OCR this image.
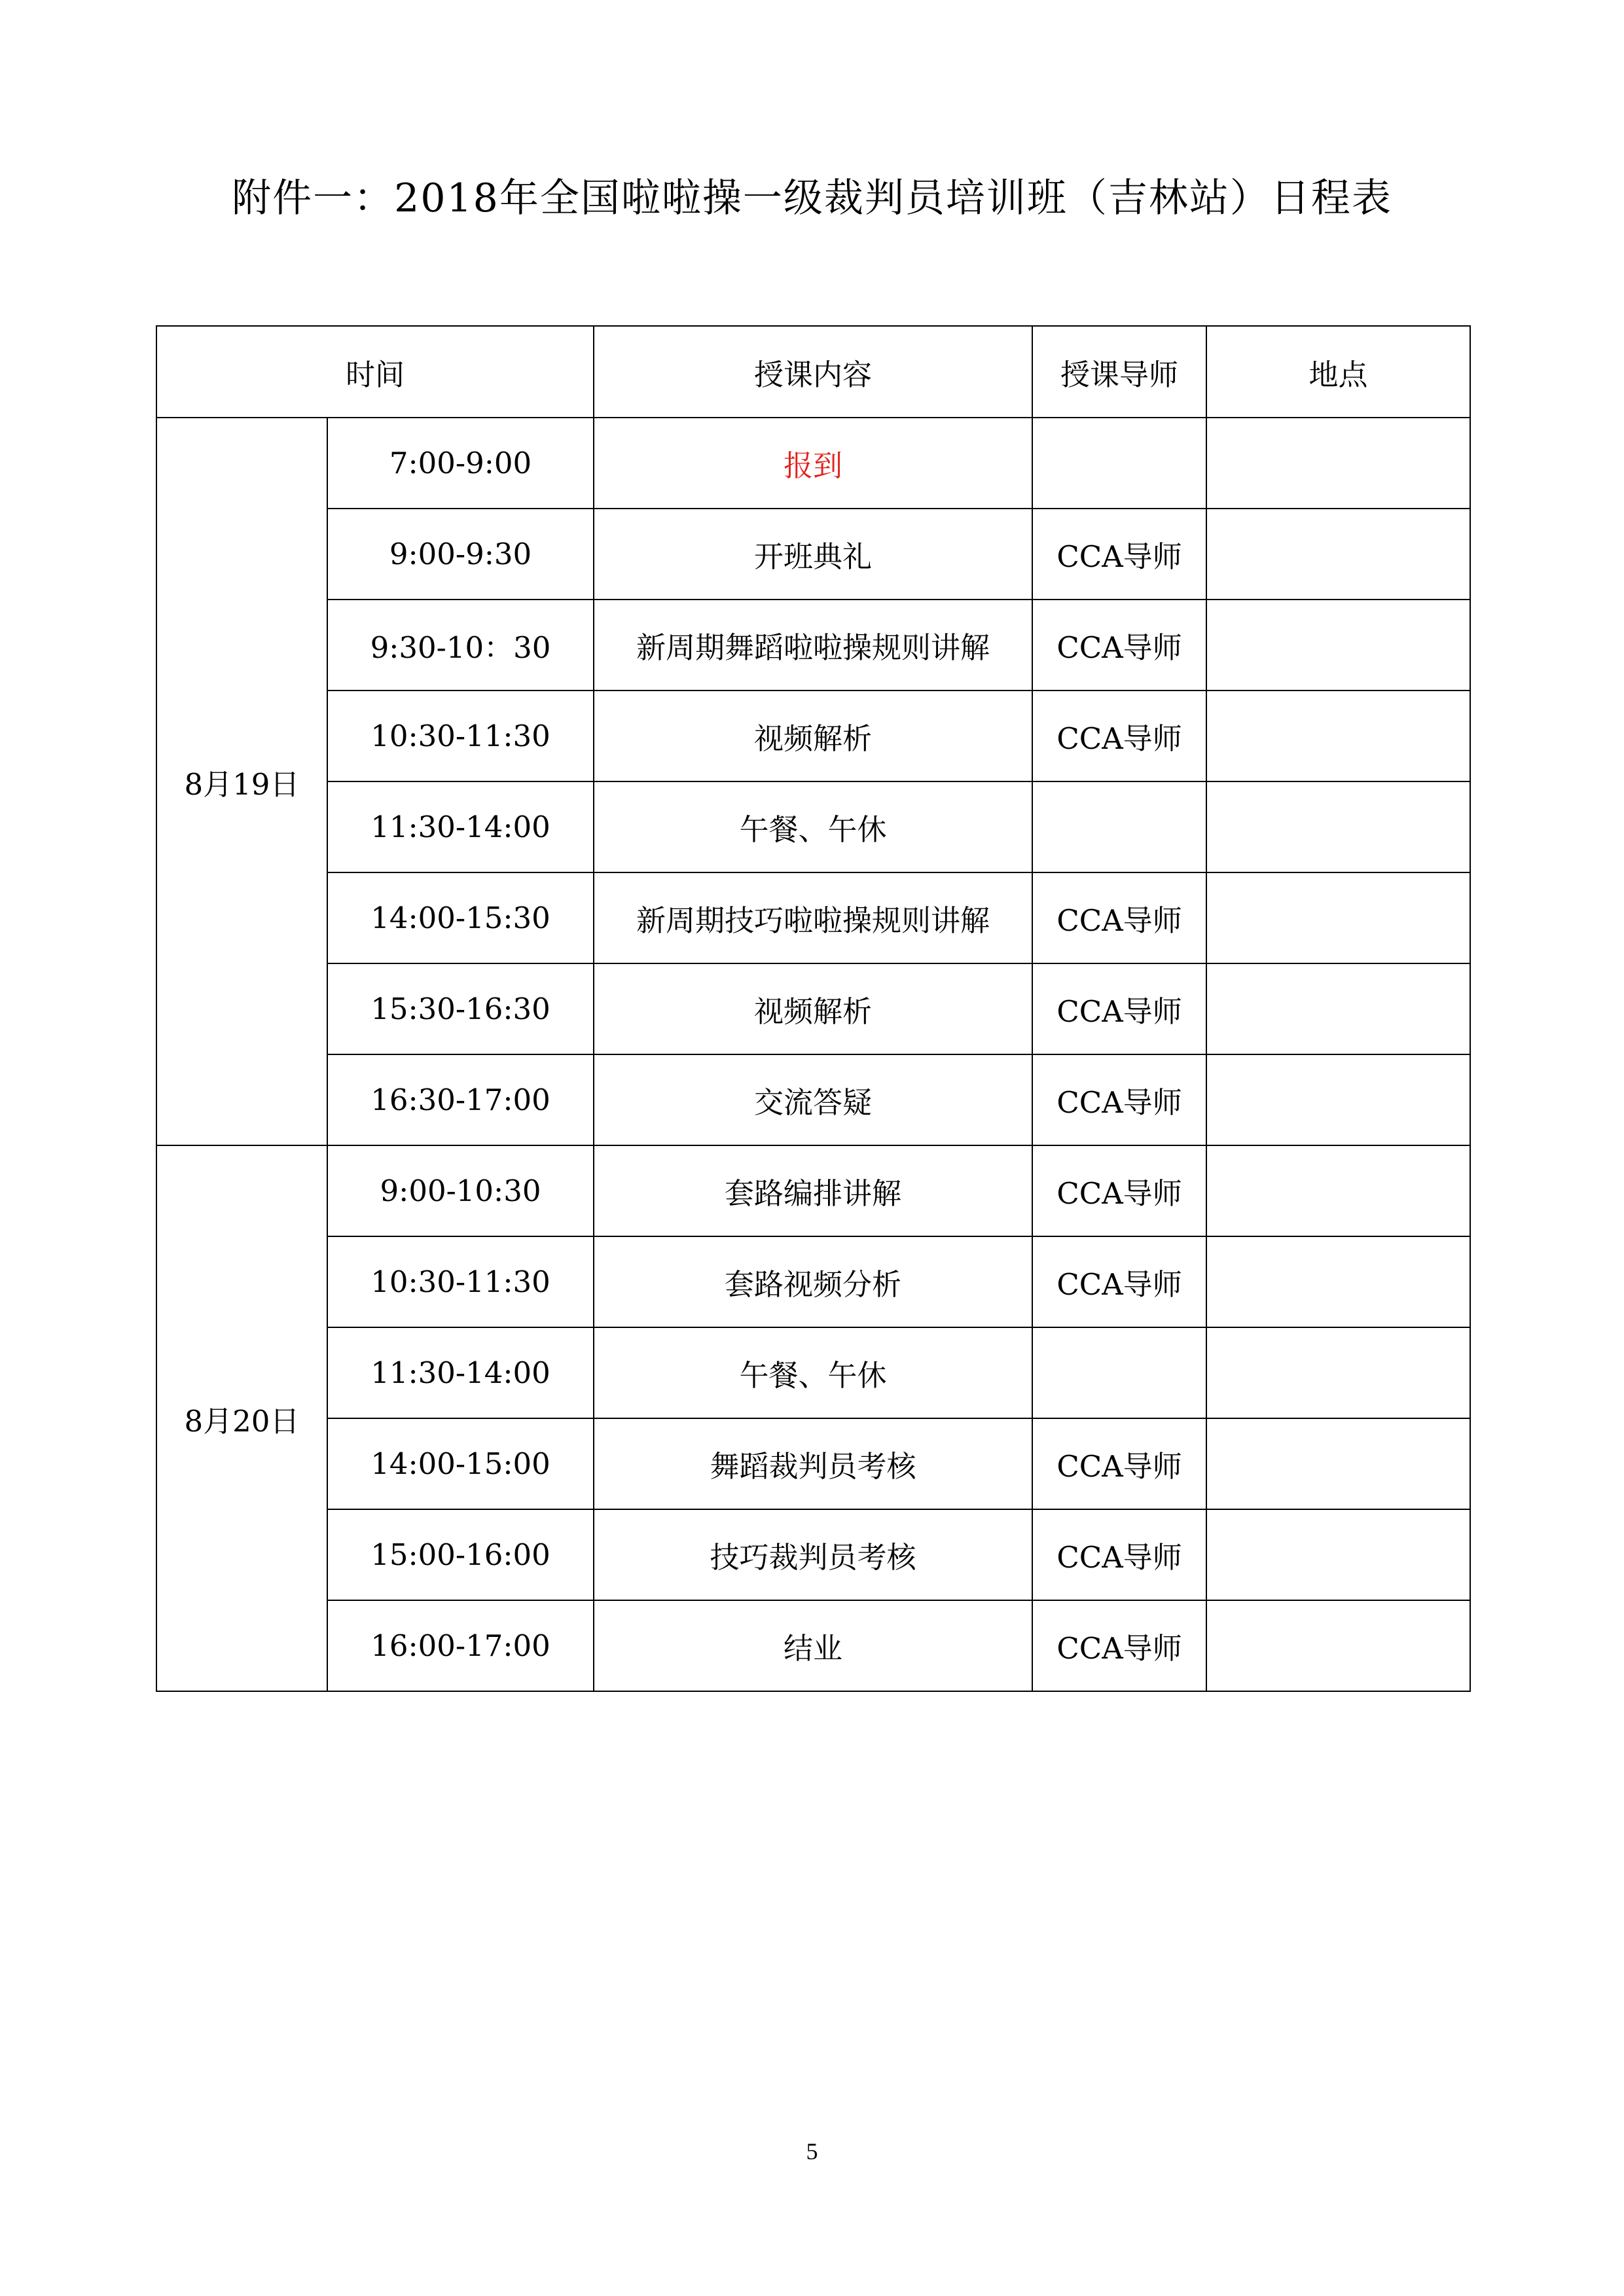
附件一：2018年全国啦啦操一级裁判员培训班（吉林站）日程表
时间		授课内容	授课导师	地点
8月19日	7:00-9:00	报到		
	9:00-9:30	开班典礼	CCA导师	
	9:30-10：30	新周期舞蹈啦啦操规则讲解	CCA导师	
	10:30-11:30	视频解析	CCA导师	
	11:30-14:00	午餐、午休		
	14:00-15:30	新周期技巧啦啦操规则讲解	CCA导师	
	15:30-16:30	视频解析	CCA导师	
	16:30-17:00	交流答疑	CCA导师	
8月20日	9:00-10:30	套路编排讲解	CCA导师	
	10:30-11:30	套路视频分析	CCA导师	
	11:30-14:00	午餐、午休		
	14:00-15:00	舞蹈裁判员考核	CCA导师	
	15:00-16:00	技巧裁判员考核	CCA导师	
	16:00-17:00	结业	CCA导师	
5
